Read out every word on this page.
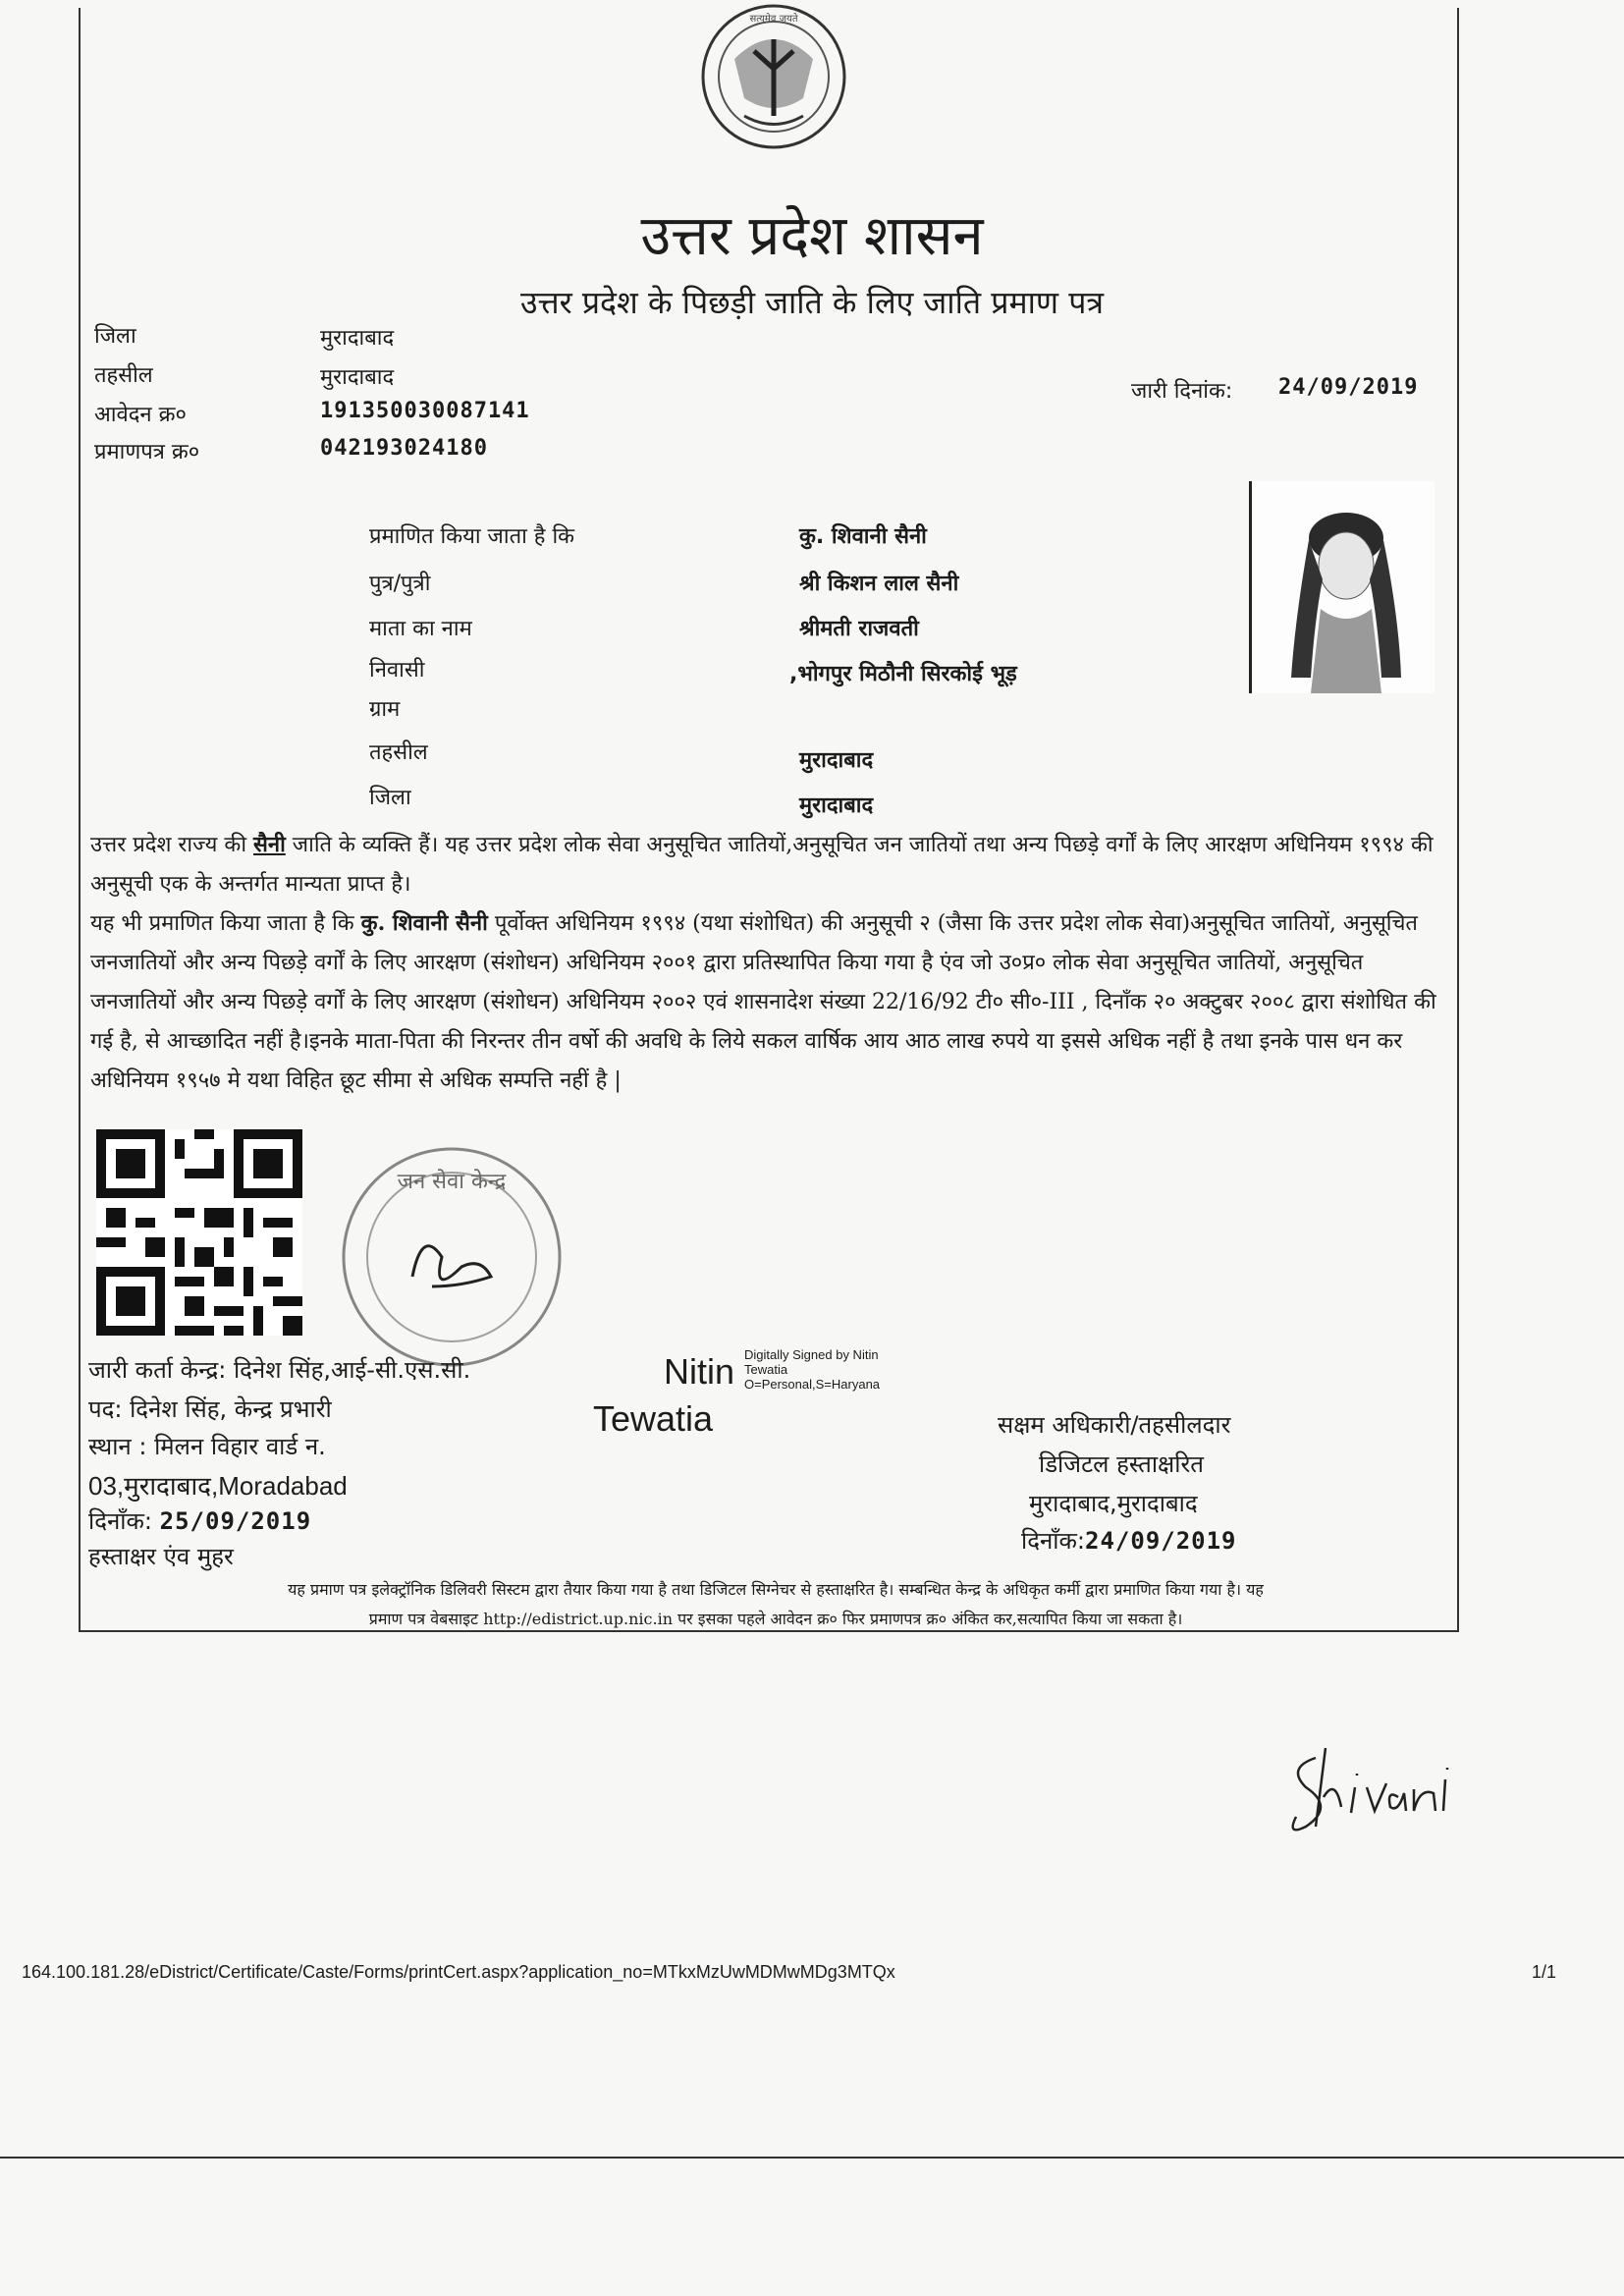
सत्यमेव जयते
उत्तर प्रदेश शासन
उत्तर प्रदेश के पिछड़ी जाति के लिए जाति प्रमाण पत्र
जिला	मुरादाबाद
तहसील	मुरादाबाद
आवेदन क्र०	191350030087141
प्रमाणपत्र क्र०	042193024180
जारी दिनांक: 24/09/2019
प्रमाणित किया जाता है कि	कु. शिवानी सैनी
पुत्र/पुत्री	श्री किशन लाल सैनी
माता का नाम	श्रीमती राजवती
निवासी	,भोगपुर मिठौनी सिरकोई भूड़
ग्राम
तहसील	मुरादाबाद
जिला	मुरादाबाद
उत्तर प्रदेश राज्य की सैनी जाति के व्यक्ति हैं। यह उत्तर प्रदेश लोक सेवा अनुसूचित जातियों,अनुसूचित जन जातियों तथा अन्य पिछड़े वर्गों के लिए आरक्षण अधिनियम १९९४ की अनुसूची एक के अन्तर्गत मान्यता प्राप्त है।
यह भी प्रमाणित किया जाता है कि कु. शिवानी सैनी पूर्वोक्त अधिनियम १९९४ (यथा संशोधित) की अनुसूची २ (जैसा कि उत्तर प्रदेश लोक सेवा)अनुसूचित जातियों, अनुसूचित जनजातियों और अन्य पिछड़े वर्गों के लिए आरक्षण (संशोधन) अधिनियम २००१ द्वारा प्रतिस्थापित किया गया है एंव जो उ०प्र० लोक सेवा अनुसूचित जातियों, अनुसूचित जनजातियों और अन्य पिछड़े वर्गों के लिए आरक्षण (संशोधन) अधिनियम २००२ एवं शासनादेश संख्या 22/16/92 टी० सी०-III , दिनाँक २० अक्टुबर २००८ द्वारा संशोधित की गई है, से आच्छादित नहीं है।इनके माता-पिता की निरन्तर तीन वर्षो की अवधि के लिये सकल वार्षिक आय आठ लाख रुपये या इससे अधिक नहीं है तथा इनके पास धन कर अधिनियम १९५७ मे यथा विहित छूट सीमा से अधिक सम्पत्ति नहीं है |
जन सेवा केन्द्र
जारी कर्ता केन्द्र: दिनेश सिंह,आई-सी.एस.सी.
पद: दिनेश सिंह, केन्द्र प्रभारी
स्थान : मिलन विहार वार्ड न.
03,मुरादाबाद,Moradabad
दिनाँक: 25/09/2019
हस्ताक्षर एंव मुहर
Nitin
Tewatia
Digitally Signed by Nitin
Tewatia
O=Personal,S=Haryana
सक्षम अधिकारी/तहसीलदार
डिजिटल हस्ताक्षरित
मुरादाबाद,मुरादाबाद
दिनाँक:24/09/2019
यह प्रमाण पत्र इलेक्ट्रॉनिक डिलिवरी सिस्टम द्वारा तैयार किया गया है तथा डिजिटल सिग्नेचर से हस्ताक्षरित है। सम्बन्धित केन्द्र के अधिकृत कर्मी द्वारा प्रमाणित किया गया है। यह
प्रमाण पत्र वेबसाइट http://edistrict.up.nic.in पर इसका पहले आवेदन क्र० फिर प्रमाणपत्र क्र० अंकित कर,सत्यापित किया जा सकता है।
Shivani
164.100.181.28/eDistrict/Certificate/Caste/Forms/printCert.aspx?application_no=MTkxMzUwMDMwMDg3MTQx	1/1
